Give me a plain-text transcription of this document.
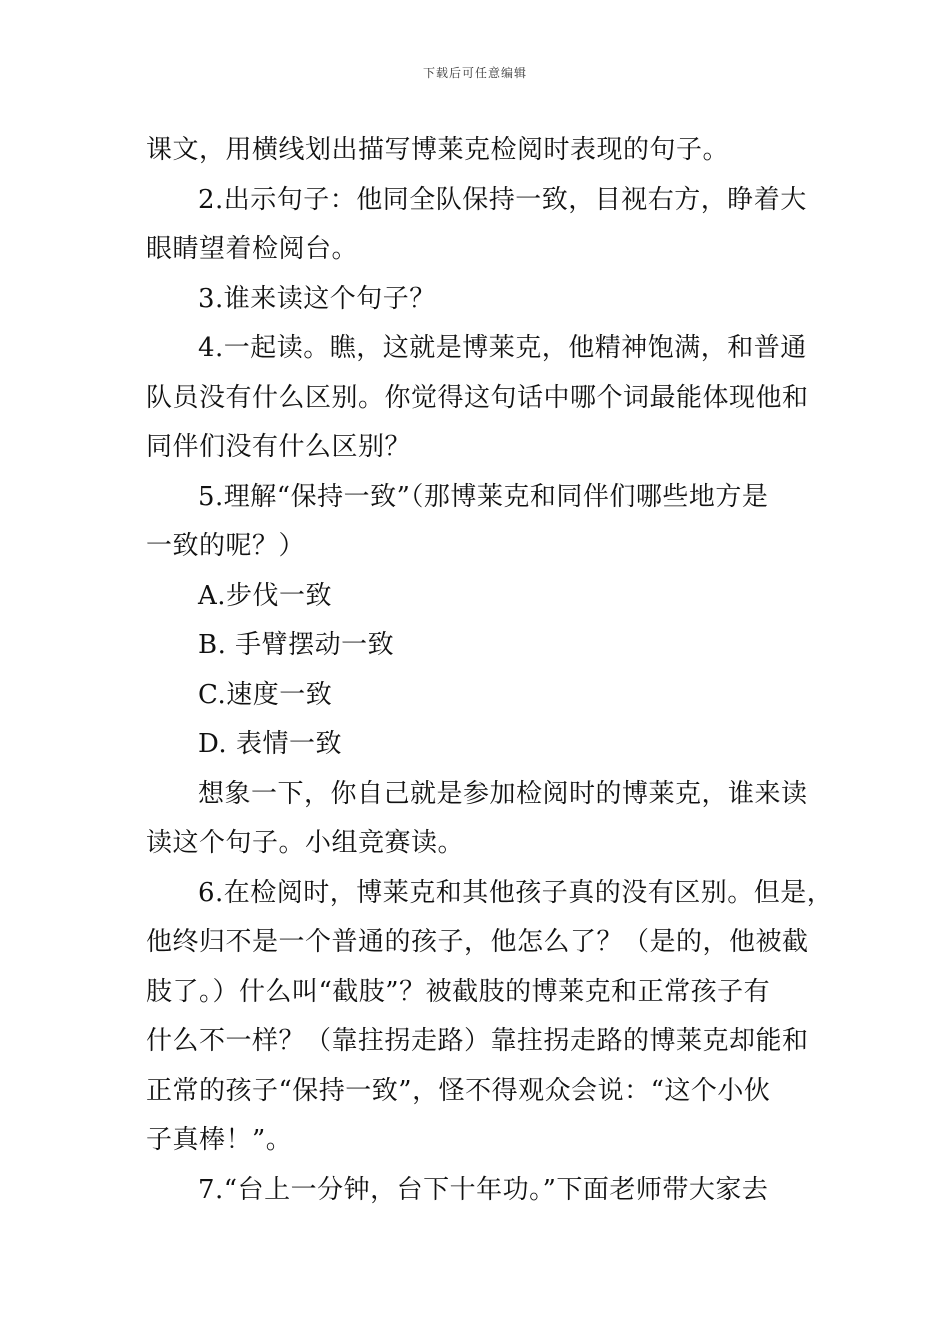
下载后可任意编辑
课文，用横线划出描写博莱克检阅时表现的句子。
2.出示句子：他同全队保持一致，目视右方，睁着大
眼睛望着检阅台。
3.谁来读这个句子？
4.一起读。瞧，这就是博莱克，他精神饱满，和普通
队员没有什么区别。你觉得这句话中哪个词最能体现他和
同伴们没有什么区别？
5.理解“保持一致”（那博莱克和同伴们哪些地方是
一致的呢？）
A.步伐一致
B. 手臂摆动一致
C.速度一致
D. 表情一致
想象一下，你自己就是参加检阅时的博莱克，谁来读
读这个句子。小组竞赛读。
6.在检阅时，博莱克和其他孩子真的没有区别。但是，
他终归不是一个普通的孩子，他怎么了？（是的，他被截
肢了。）什么叫“截肢”？被截肢的博莱克和正常孩子有
什么不一样？（靠拄拐走路）靠拄拐走路的博莱克却能和
正常的孩子“保持一致”，怪不得观众会说：“这个小伙
子真棒！”。
7.“台上一分钟，台下十年功。”下面老师带大家去
